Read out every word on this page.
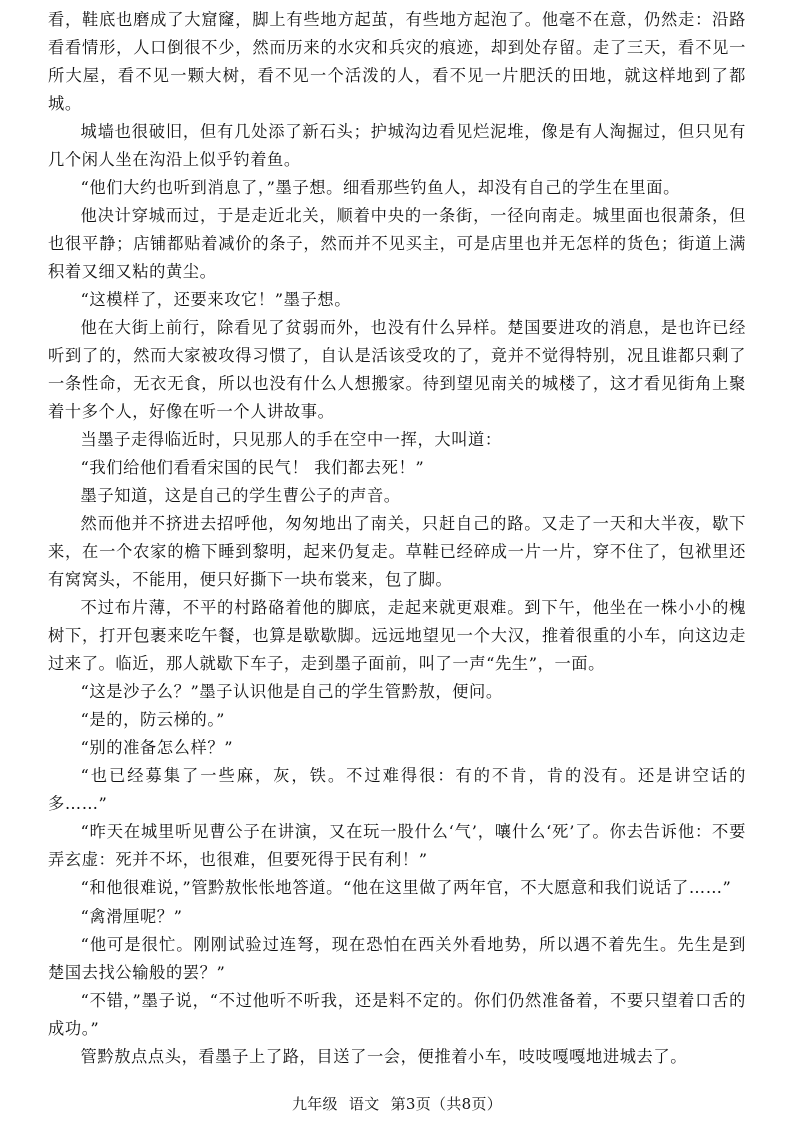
看，鞋底也磨成了大窟窿，脚上有些地方起茧，有些地方起泡了。他毫不在意，仍然走：沿路看看情形，人口倒很不少，然而历来的水灾和兵灾的痕迹，却到处存留。走了三天，看不见一所大屋，看不见一颗大树，看不见一个活泼的人，看不见一片肥沃的田地，就这样地到了都城。

城墙也很破旧，但有几处添了新石头；护城沟边看见烂泥堆，像是有人淘掘过，但只见有几个闲人坐在沟沿上似乎钓着鱼。

“他们大约也听到消息了，”墨子想。细看那些钓鱼人，却没有自己的学生在里面。

他决计穿城而过，于是走近北关，顺着中央的一条街，一径向南走。城里面也很萧条，但也很平静；店铺都贴着减价的条子，然而并不见买主，可是店里也并无怎样的货色；街道上满积着又细又粘的黄尘。

“这模样了，还要来攻它！”墨子想。

他在大街上前行，除看见了贫弱而外，也没有什么异样。楚国要进攻的消息，是也许已经听到了的，然而大家被攻得习惯了，自认是活该受攻的了，竟并不觉得特别，况且谁都只剩了一条性命，无衣无食，所以也没有什么人想搬家。待到望见南关的城楼了，这才看见街角上聚着十多个人，好像在听一个人讲故事。

当墨子走得临近时，只见那人的手在空中一挥，大叫道：

“我们给他们看看宋国的民气！ 我们都去死！”

墨子知道，这是自己的学生曹公子的声音。

然而他并不挤进去招呼他，匆匆地出了南关，只赶自己的路。又走了一天和大半夜，歇下来，在一个农家的檐下睡到黎明，起来仍复走。草鞋已经碎成一片一片，穿不住了，包袱里还有窝窝头，不能用，便只好撕下一块布裳来，包了脚。

不过布片薄，不平的村路硌着他的脚底，走起来就更艰难。到下午，他坐在一株小小的槐树下，打开包裹来吃午餐，也算是歇歇脚。远远地望见一个大汉，推着很重的小车，向这边走过来了。临近，那人就歇下车子，走到墨子面前，叫了一声“先生”，一面。

“这是沙子么？”墨子认识他是自己的学生管黔敖，便问。

“是的，防云梯的。”

“别的准备怎么样？”

“也已经募集了一些麻，灰，铁。不过难得很：有的不肯，肯的没有。还是讲空话的多……”

“昨天在城里听见曹公子在讲演，又在玩一股什么‘气’，嚷什么‘死’了。你去告诉他：不要弄玄虚：死并不坏，也很难，但要死得于民有利！”

“和他很难说，”管黔敖怅怅地答道。“他在这里做了两年官，不大愿意和我们说话了……”

“禽滑厘呢？”

“他可是很忙。刚刚试验过连弩，现在恐怕在西关外看地势，所以遇不着先生。先生是到楚国去找公输般的罢？”

“不错，”墨子说，“不过他听不听我，还是料不定的。你们仍然准备着，不要只望着口舌的成功。”

管黔敖点点头，看墨子上了路，目送了一会，便推着小车，吱吱嘎嘎地进城去了。

九年级 语文 第3页（共8页）
